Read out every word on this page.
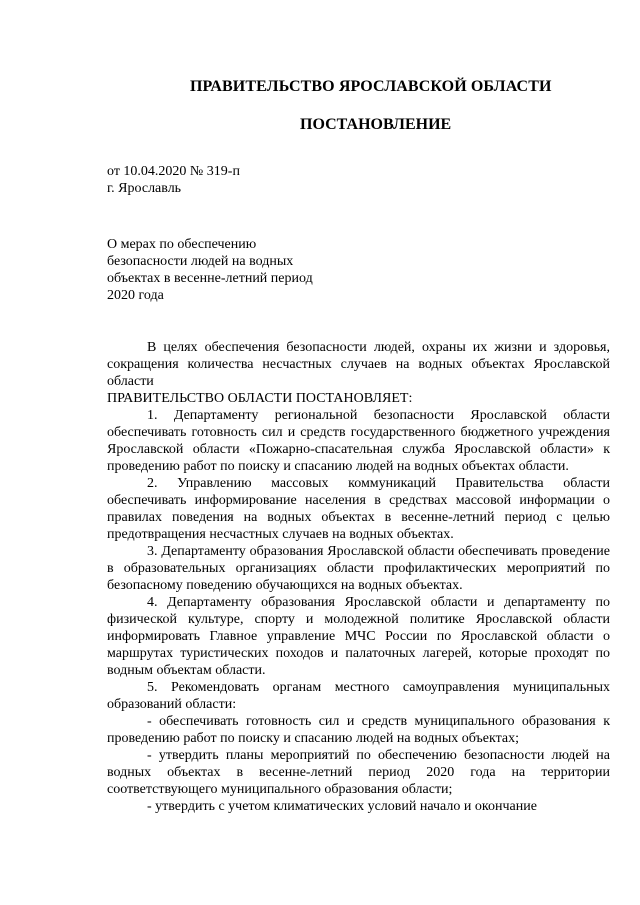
ПРАВИТЕЛЬСТВО ЯРОСЛАВСКОЙ ОБЛАСТИ
ПОСТАНОВЛЕНИЕ
от 10.04.2020 № 319-п
г. Ярославль
О мерах по обеспечению
безопасности людей на водных
объектах в весенне-летний период
2020 года

В целях обеспечения безопасности людей, охраны их жизни и здоровья, сокращения количества несчастных случаев на водных объектах Ярославской области

ПРАВИТЕЛЬСТВО ОБЛАСТИ ПОСТАНОВЛЯЕТ:

1. Департаменту региональной безопасности Ярославской области обеспечивать готовность сил и средств государственного бюджетного учреждения Ярославской области «Пожарно-спасательная служба Ярославской области» к проведению работ по поиску и спасанию людей на водных объектах области.

2. Управлению массовых коммуникаций Правительства области обеспечивать информирование населения в средствах массовой информации о правилах поведения на водных объектах в весенне-летний период с целью предотвращения несчастных случаев на водных объектах.

3. Департаменту образования Ярославской области обеспечивать проведение в образовательных организациях области профилактических мероприятий по безопасному поведению обучающихся на водных объектах.

4. Департаменту образования Ярославской области и департаменту по физической культуре, спорту и молодежной политике Ярославской области информировать Главное управление МЧС России по Ярославской области о маршрутах туристических походов и палаточных лагерей, которые проходят по водным объектам области.

5. Рекомендовать органам местного самоуправления муниципальных образований области:

- обеспечивать готовность сил и средств муниципального образования к проведению работ по поиску и спасанию людей на водных объектах;

- утвердить планы мероприятий по обеспечению безопасности людей на водных объектах в весенне-летний период 2020 года на территории соответствующего муниципального образования области;

- утвердить с учетом климатических условий начало и окончание
